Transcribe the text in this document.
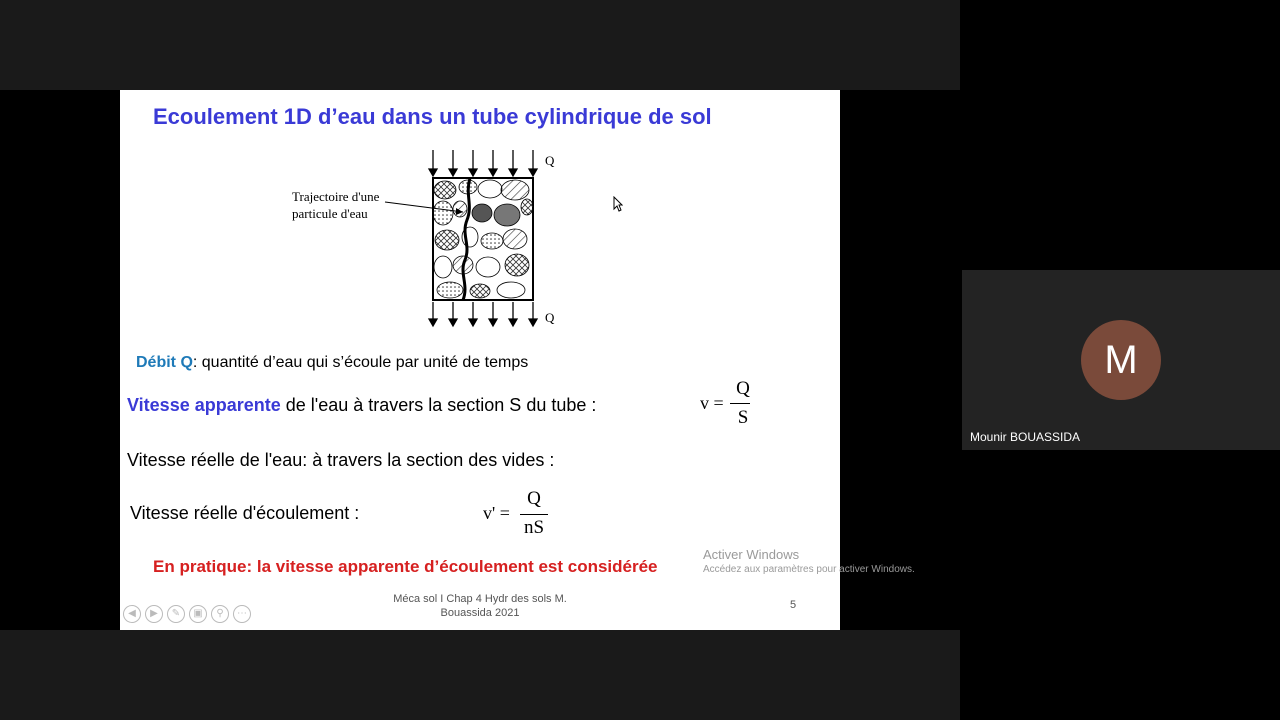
Ecoulement 1D d’eau dans un tube cylindrique de sol
Q
Q
Trajectoire d'une
particule d'eau
Débit Q: quantité d’eau qui s’écoule par unité de temps
Vitesse apparente de l'eau à travers la section S du tube :	v =
Q
S
Vitesse réelle de l'eau: à travers la section des vides :
Vitesse réelle d'écoulement :	v' =
Q
nS
En pratique: la vitesse apparente d’écoulement est considérée
Méca sol I Chap 4 Hydr des sols M.
Bouassida 2021
5
◀	▶	✎	▣	⚲	⋯
Activer Windows
Accédez aux paramètres pour activer Windows.
M
Mounir BOUASSIDA
